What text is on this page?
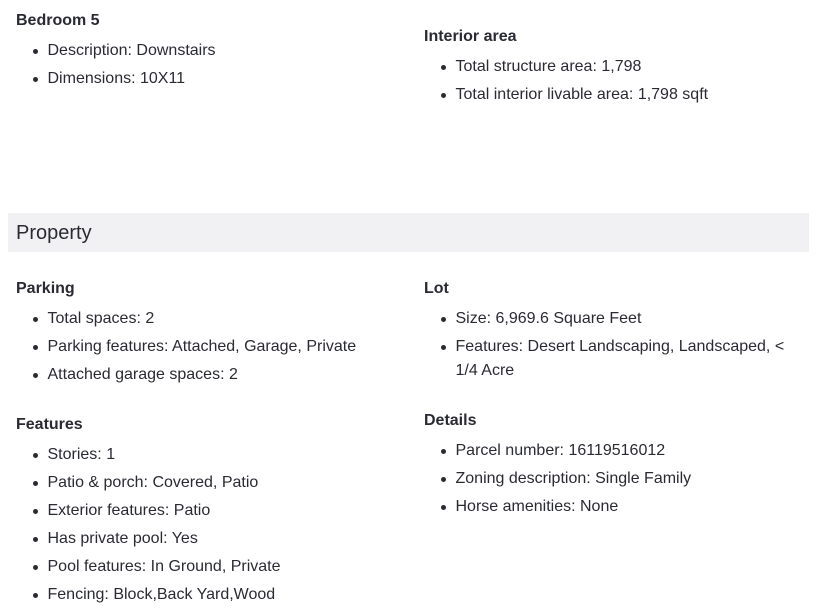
Bedroom 5
Description: Downstairs
Dimensions: 10X11
Interior area
Total structure area: 1,798
Total interior livable area: 1,798 sqft
Property
Parking
Total spaces: 2
Parking features: Attached, Garage, Private
Attached garage spaces: 2
Lot
Size: 6,969.6 Square Feet
Features: Desert Landscaping, Landscaped, < 1/4 Acre
Features
Stories: 1
Patio & porch: Covered, Patio
Exterior features: Patio
Has private pool: Yes
Pool features: In Ground, Private
Fencing: Block,Back Yard,Wood
Details
Parcel number: 16119516012
Zoning description: Single Family
Horse amenities: None
